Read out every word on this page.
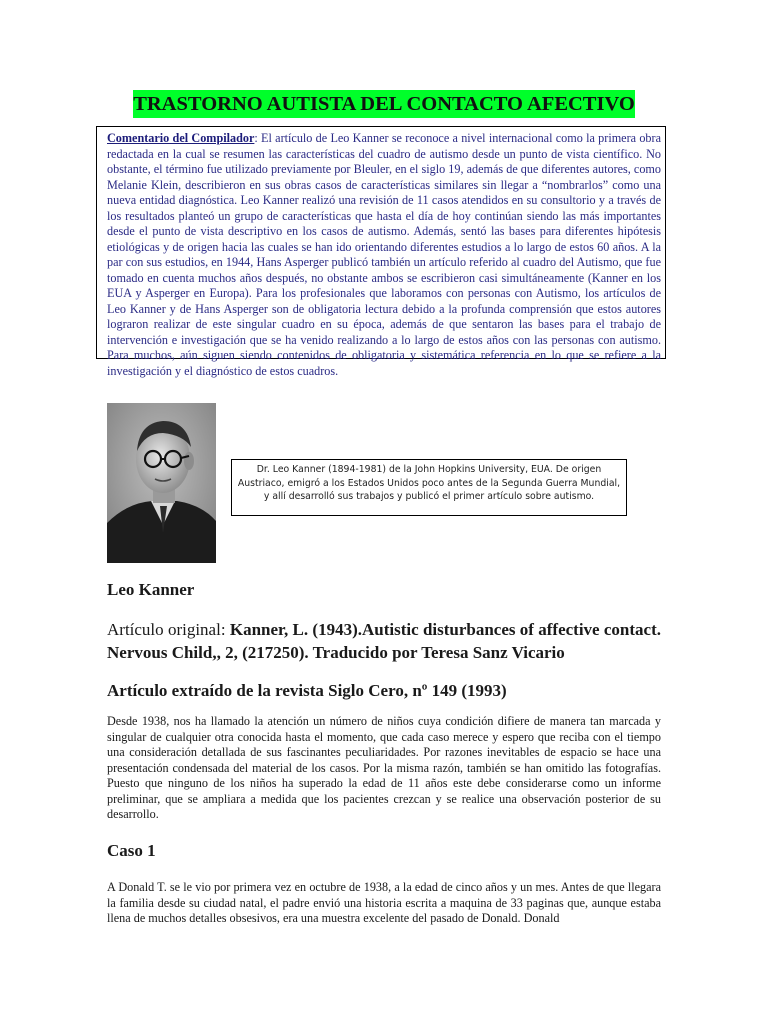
TRASTORNO AUTISTA DEL CONTACTO AFECTIVO

Comentario del Compilador: El artículo de Leo Kanner se reconoce a nivel internacional como la primera obra redactada en la cual se resumen las características del cuadro de autismo desde un punto de vista científico. No obstante, el término fue utilizado previamente por Bleuler, en el siglo 19, además de que diferentes autores, como Melanie Klein, describieron en sus obras casos de características similares sin llegar a “nombrarlos” como una nueva entidad diagnóstica. Leo Kanner realizó una revisión de 11 casos atendidos en su consultorio y a través de los resultados planteó un grupo de características que hasta el día de hoy continúan siendo las más importantes desde el punto de vista descriptivo en los casos de autismo. Además, sentó las bases para diferentes hipótesis etiológicas y de origen hacia las cuales se han ido orientando diferentes estudios a lo largo de estos 60 años. A la par con sus estudios, en 1944, Hans Asperger publicó también un artículo referido al cuadro del Autismo, que fue tomado en cuenta muchos años después, no obstante ambos se escribieron casi simultáneamente (Kanner en los EUA y Asperger en Europa). Para los profesionales que laboramos con personas con Autismo, los artículos de Leo Kanner y de Hans Asperger son de obligatoria lectura debido a la profunda comprensión que estos autores lograron realizar de este singular cuadro en su época, además de que sentaron las bases para el trabajo de intervención e investigación que se ha venido realizando a lo largo de estos años con las personas con autismo. Para muchos, aún siguen siendo contenidos de obligatoria y sistemática referencia en lo que se refiere a la investigación y el diagnóstico de estos cuadros.

Dr. Leo Kanner (1894-1981) de la John Hopkins University, EUA. De origen Austriaco, emigró a los Estados Unidos poco antes de la Segunda Guerra Mundial, y allí desarrolló sus trabajos y publicó el primer artículo sobre autismo.

Leo Kanner

Artículo original: Kanner, L. (1943).Autistic disturbances of affective contact. Nervous Child,, 2, (217250). Traducido por Teresa Sanz Vicario

Artículo extraído de la revista Siglo Cero, nº 149 (1993)

Desde 1938, nos ha llamado la atención un número de niños cuya condición difiere de manera tan marcada y singular de cualquier otra conocida hasta el momento, que cada caso merece y espero que reciba con el tiempo una consideración detallada de sus fascinantes peculiaridades. Por razones inevitables de espacio se hace una presentación condensada del material de los casos. Por la misma razón, también se han omitido las fotografías. Puesto que ninguno de los niños ha superado la edad de 11 años este debe considerarse como un informe preliminar, que se ampliara a medida que los pacientes crezcan y se realice una observación posterior de su desarrollo.

Caso 1

A Donald T. se le vio por primera vez en octubre de 1938, a la edad de cinco años y un mes. Antes de que llegara la familia desde su ciudad natal, el padre envió una historia escrita a maquina de 33 paginas que, aunque estaba llena de muchos detalles obsesivos, era una muestra excelente del pasado de Donald. Donald
